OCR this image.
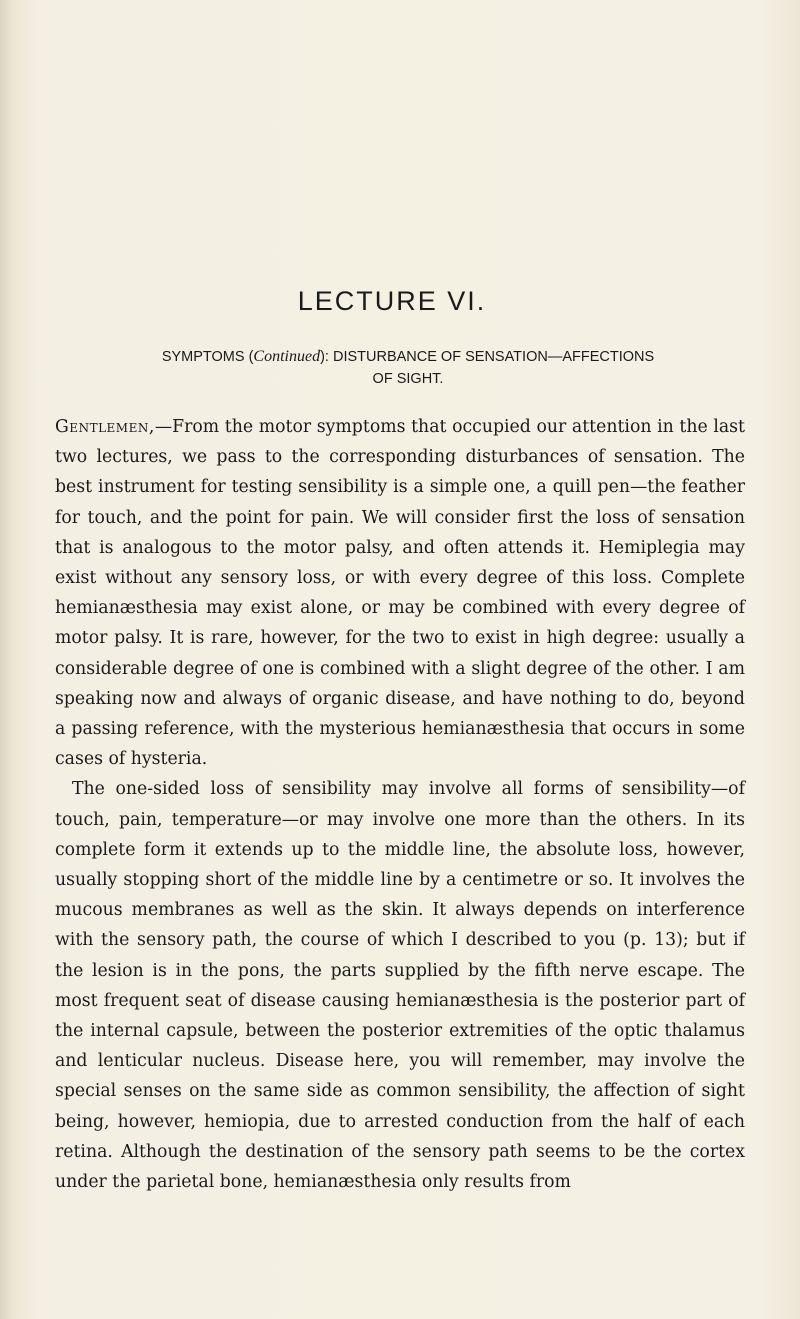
LECTURE VI.
SYMPTOMS (Continued): DISTURBANCE OF SENSATION—AFFECTIONS
OF SIGHT.

Gentlemen,—From the motor symptoms that occupied our attention in the last two lectures, we pass to the corresponding disturbances of sensation. The best instrument for testing sensibility is a simple one, a quill pen—the feather for touch, and the point for pain. We will consider first the loss of sensation that is analogous to the motor palsy, and often attends it. Hemiplegia may exist without any sensory loss, or with every degree of this loss. Complete hemianæsthesia may exist alone, or may be combined with every degree of motor palsy. It is rare, however, for the two to exist in high degree: usually a considerable degree of one is combined with a slight degree of the other. I am speaking now and always of organic disease, and have nothing to do, beyond a passing reference, with the mysterious hemianæsthesia that occurs in some cases of hysteria.

The one-sided loss of sensibility may involve all forms of sensibility—of touch, pain, temperature—or may involve one more than the others. In its complete form it extends up to the middle line, the absolute loss, however, usually stopping short of the middle line by a centimetre or so. It involves the mucous membranes as well as the skin. It always depends on interference with the sensory path, the course of which I described to you (p. 13); but if the lesion is in the pons, the parts supplied by the fifth nerve escape. The most frequent seat of disease causing hemianæsthesia is the posterior part of the internal capsule, between the posterior extremities of the optic thalamus and lenticular nucleus. Disease here, you will remember, may involve the special senses on the same side as common sensibility, the affection of sight being, however, hemiopia, due to arrested conduction from the half of each retina. Although the destination of the sensory path seems to be the cortex under the parietal bone, hemianæsthesia only results from
